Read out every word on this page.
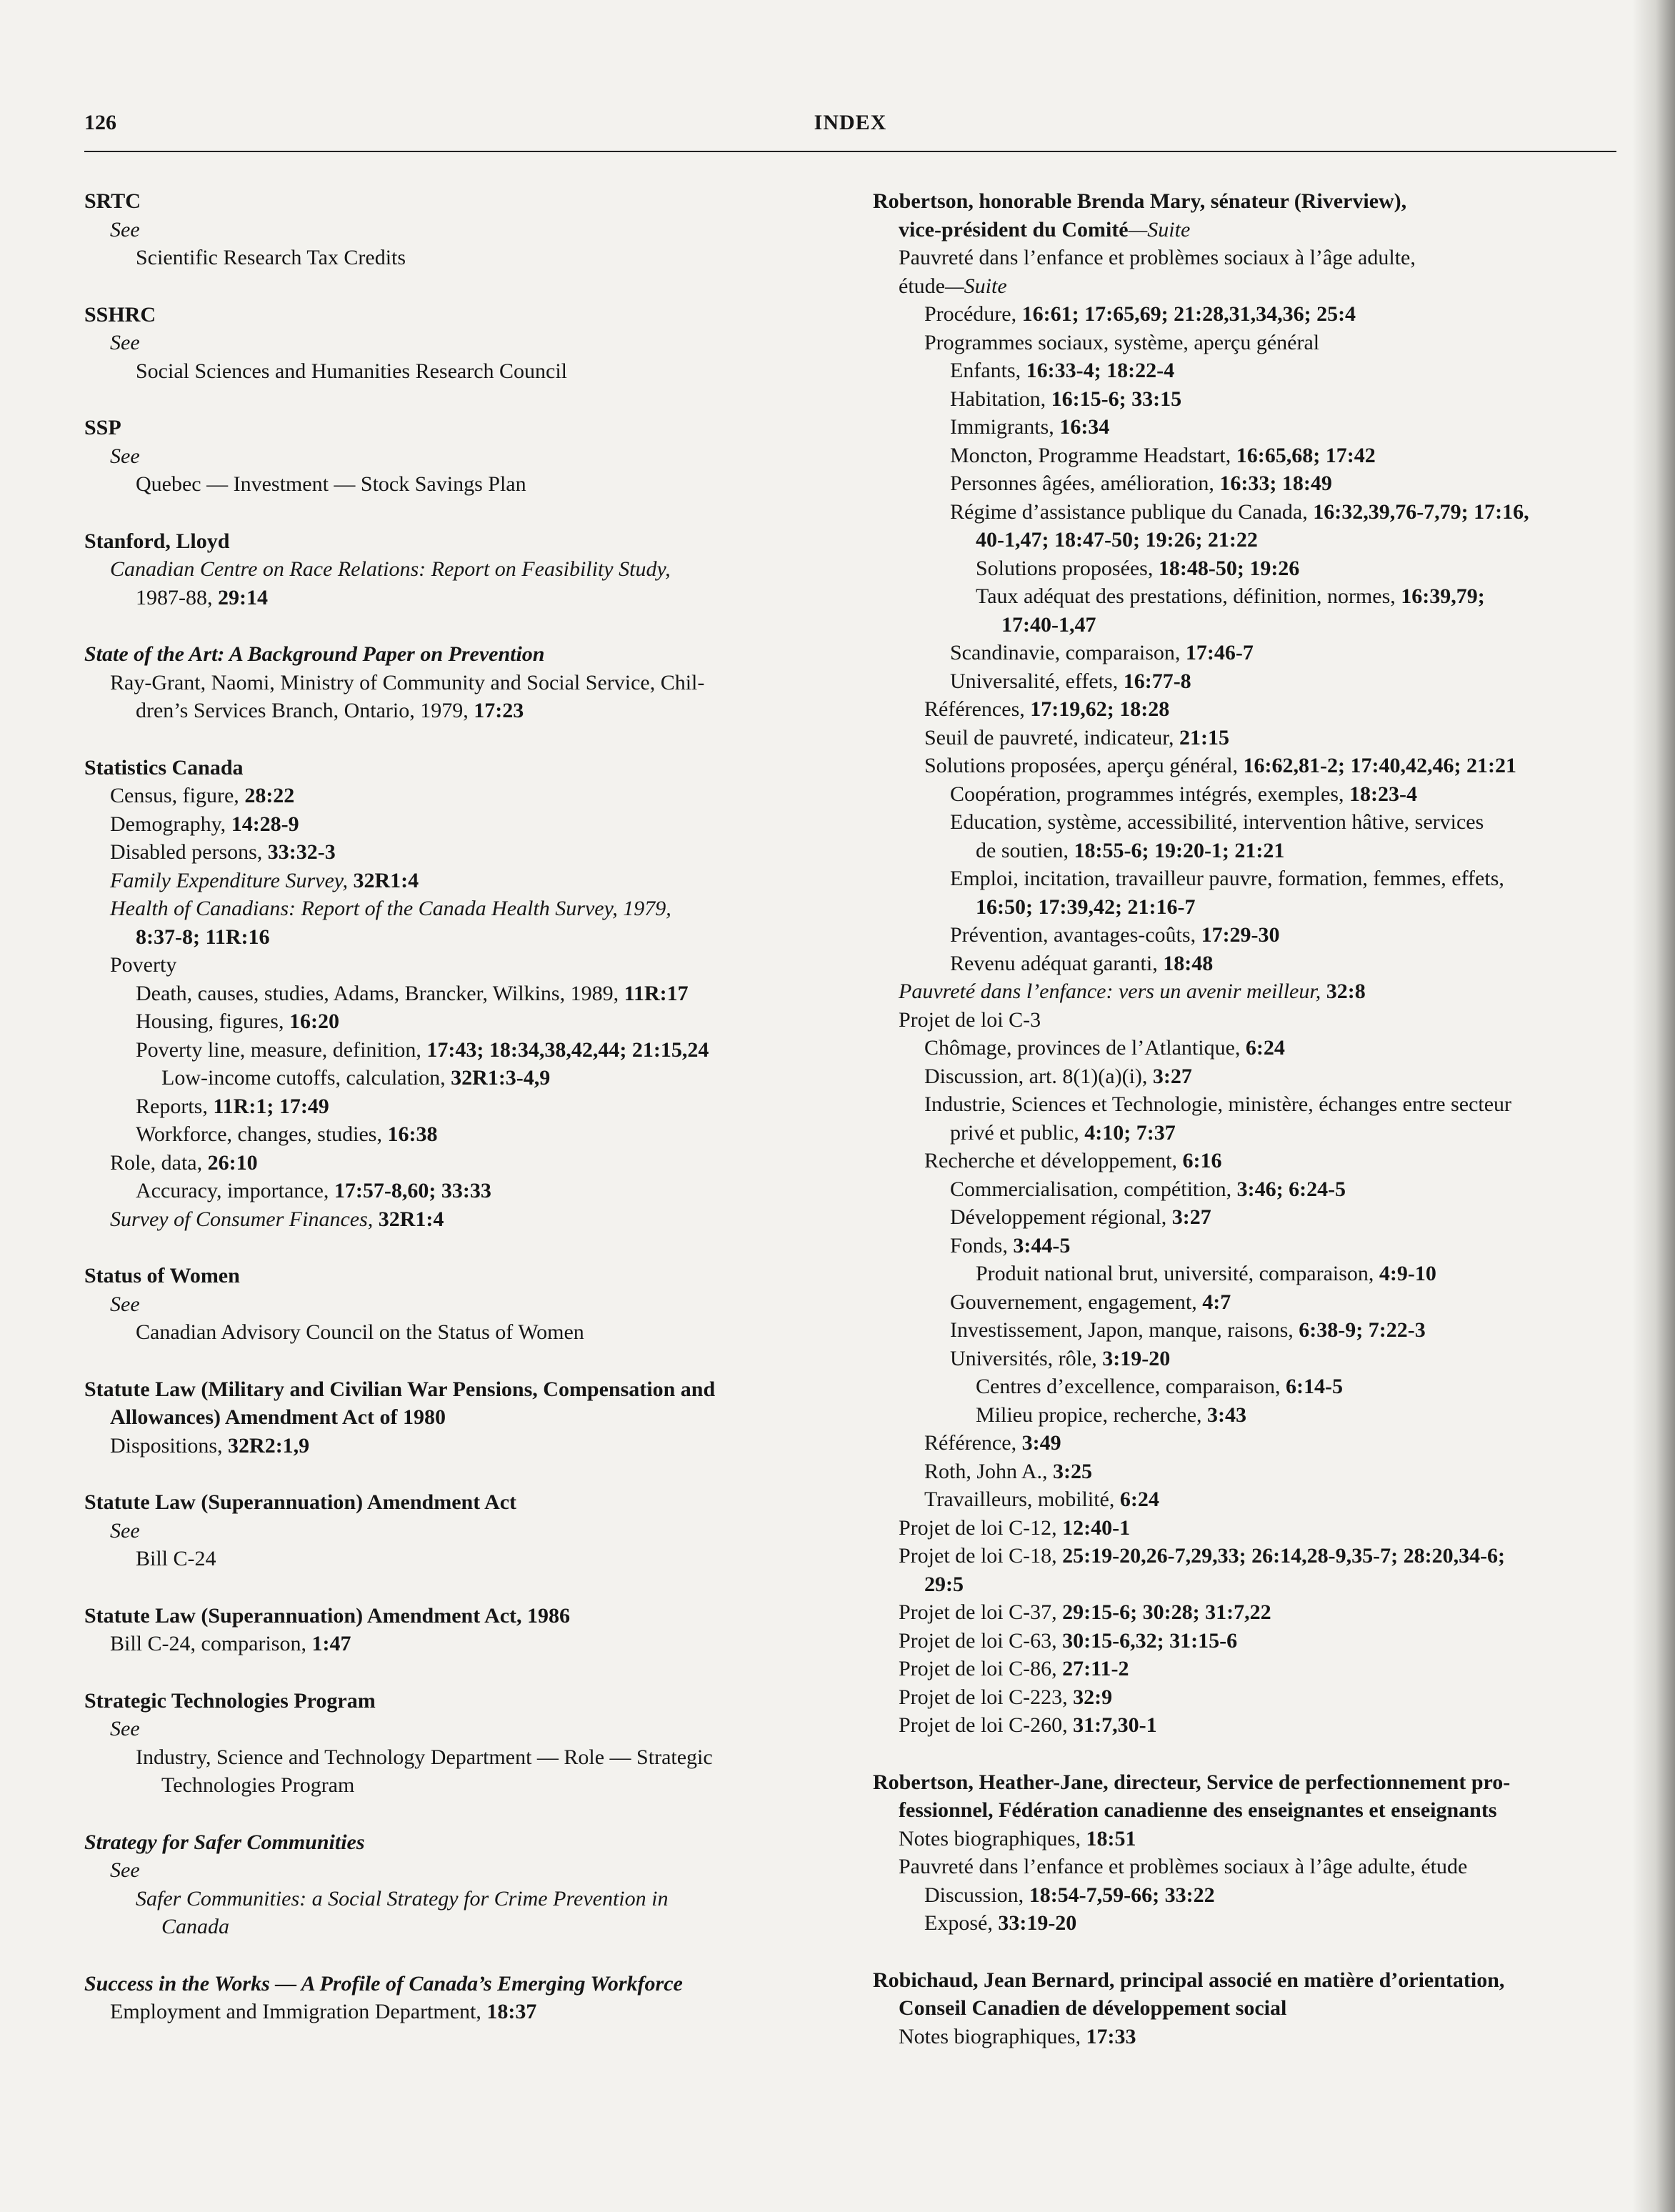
126	INDEX
SRTC
See
Scientific Research Tax Credits
SSHRC
See
Social Sciences and Humanities Research Council
SSP
See
Quebec — Investment — Stock Savings Plan
Stanford, Lloyd
Canadian Centre on Race Relations: Report on Feasibility Study,
1987-88, 29:14
State of the Art: A Background Paper on Prevention
Ray-Grant, Naomi, Ministry of Community and Social Service, Chil-
dren’s Services Branch, Ontario, 1979, 17:23
Statistics Canada
Census, figure, 28:22
Demography, 14:28-9
Disabled persons, 33:32-3
Family Expenditure Survey, 32R1:4
Health of Canadians: Report of the Canada Health Survey, 1979,
8:37-8; 11R:16
Poverty
Death, causes, studies, Adams, Brancker, Wilkins, 1989, 11R:17
Housing, figures, 16:20
Poverty line, measure, definition, 17:43; 18:34,38,42,44; 21:15,24
Low-income cutoffs, calculation, 32R1:3-4,9
Reports, 11R:1; 17:49
Workforce, changes, studies, 16:38
Role, data, 26:10
Accuracy, importance, 17:57-8,60; 33:33
Survey of Consumer Finances, 32R1:4
Status of Women
See
Canadian Advisory Council on the Status of Women
Statute Law (Military and Civilian War Pensions, Compensation and
Allowances) Amendment Act of 1980
Dispositions, 32R2:1,9
Statute Law (Superannuation) Amendment Act
See
Bill C-24
Statute Law (Superannuation) Amendment Act, 1986
Bill C-24, comparison, 1:47
Strategic Technologies Program
See
Industry, Science and Technology Department — Role — Strategic
Technologies Program
Strategy for Safer Communities
See
Safer Communities: a Social Strategy for Crime Prevention in
Canada
Success in the Works — A Profile of Canada’s Emerging Workforce
Employment and Immigration Department, 18:37
Robertson, honorable Brenda Mary, sénateur (Riverview),
vice-président du Comité—Suite
Pauvreté dans l’enfance et problèmes sociaux à l’âge adulte,
étude—Suite
Procédure, 16:61; 17:65,69; 21:28,31,34,36; 25:4
Programmes sociaux, système, aperçu général
Enfants, 16:33-4; 18:22-4
Habitation, 16:15-6; 33:15
Immigrants, 16:34
Moncton, Programme Headstart, 16:65,68; 17:42
Personnes âgées, amélioration, 16:33; 18:49
Régime d’assistance publique du Canada, 16:32,39,76-7,79; 17:16,
40-1,47; 18:47-50; 19:26; 21:22
Solutions proposées, 18:48-50; 19:26
Taux adéquat des prestations, définition, normes, 16:39,79;
17:40-1,47
Scandinavie, comparaison, 17:46-7
Universalité, effets, 16:77-8
Références, 17:19,62; 18:28
Seuil de pauvreté, indicateur, 21:15
Solutions proposées, aperçu général, 16:62,81-2; 17:40,42,46; 21:21
Coopération, programmes intégrés, exemples, 18:23-4
Education, système, accessibilité, intervention hâtive, services
de soutien, 18:55-6; 19:20-1; 21:21
Emploi, incitation, travailleur pauvre, formation, femmes, effets,
16:50; 17:39,42; 21:16-7
Prévention, avantages-coûts, 17:29-30
Revenu adéquat garanti, 18:48
Pauvreté dans l’enfance: vers un avenir meilleur, 32:8
Projet de loi C-3
Chômage, provinces de l’Atlantique, 6:24
Discussion, art. 8(1)(a)(i), 3:27
Industrie, Sciences et Technologie, ministère, échanges entre secteur
privé et public, 4:10; 7:37
Recherche et développement, 6:16
Commercialisation, compétition, 3:46; 6:24-5
Développement régional, 3:27
Fonds, 3:44-5
Produit national brut, université, comparaison, 4:9-10
Gouvernement, engagement, 4:7
Investissement, Japon, manque, raisons, 6:38-9; 7:22-3
Universités, rôle, 3:19-20
Centres d’excellence, comparaison, 6:14-5
Milieu propice, recherche, 3:43
Référence, 3:49
Roth, John A., 3:25
Travailleurs, mobilité, 6:24
Projet de loi C-12, 12:40-1
Projet de loi C-18, 25:19-20,26-7,29,33; 26:14,28-9,35-7; 28:20,34-6;
29:5
Projet de loi C-37, 29:15-6; 30:28; 31:7,22
Projet de loi C-63, 30:15-6,32; 31:15-6
Projet de loi C-86, 27:11-2
Projet de loi C-223, 32:9
Projet de loi C-260, 31:7,30-1
Robertson, Heather-Jane, directeur, Service de perfectionnement pro-
fessionnel, Fédération canadienne des enseignantes et enseignants
Notes biographiques, 18:51
Pauvreté dans l’enfance et problèmes sociaux à l’âge adulte, étude
Discussion, 18:54-7,59-66; 33:22
Exposé, 33:19-20
Robichaud, Jean Bernard, principal associé en matière d’orientation,
Conseil Canadien de développement social
Notes biographiques, 17:33
